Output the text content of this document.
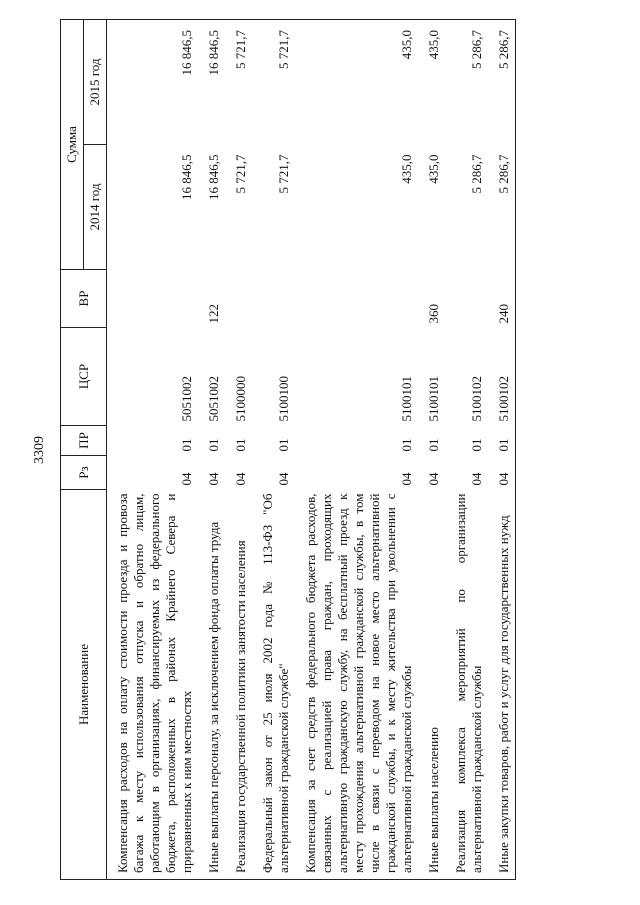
3309
Наименование	Рз	ПР	ЦСР	ВР	Сумма	
					2014 год	2015 год
Компенсация расходов на оплату стоимости проезда и провоза багажа к месту использования отпуска и обратно лицам, работающим в организациях, финансируемых из федерального бюджета, расположенных в районах Крайнего Севера и приравненных к ним местностях	04	01	5051002		16 846,5	16 846,5
Иные выплаты персоналу, за исключением фонда оплаты труда	04	01	5051002	122	16 846,5	16 846,5
Реализация государственной политики занятости населения	04	01	5100000		5 721,7	5 721,7
Федеральный закон от 25 июля 2002 года № 113-ФЗ "Об альтернативной гражданской службе"	04	01	5100100		5 721,7	5 721,7
Компенсация за счет средств федерального бюджета расходов, связанных с реализацией права граждан, проходящих альтернативную гражданскую службу, на бесплатный проезд к месту прохождения альтернативной гражданской службы, в том числе в связи с переводом на новое место альтернативной гражданской службы, и к месту жительства при увольнении с альтернативной гражданской службы	04	01	5100101		435,0	435,0
Иные выплаты населению	04	01	5100101	360	435,0	435,0
Реализация комплекса мероприятий по организации альтернативной гражданской службы	04	01	5100102		5 286,7	5 286,7
Иные закупки товаров, работ и услуг для государственных нужд	04	01	5100102	240	5 286,7	5 286,7
